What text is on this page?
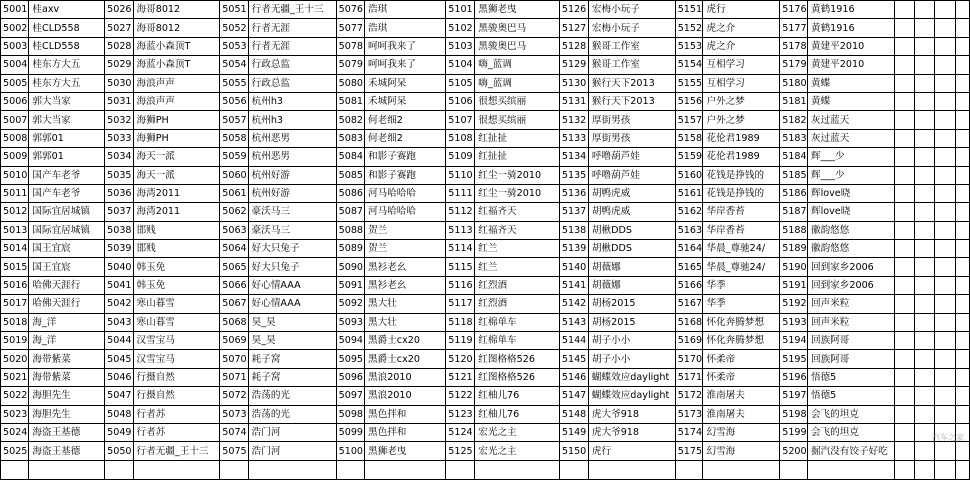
5001	桂axv	5026	海哥8012	5051	行者无疆_王十三	5076	浩琪	5101	黑狮老曳	5126	宏梅小玩子	5151	虎行	5176	黄鹤1916				
5002	桂CLD558	5027	海哥8012	5052	行者无涯	5077	浩琪	5102	黑骏奥巴马	5127	宏梅小玩子	5152	虎之介	5177	黄鹤1916				
5003	桂CLD558	5028	海蓝小森顶T	5053	行者无涯	5078	呵呵我来了	5103	黑骏奥巴马	5128	猴哥工作室	5153	虎之介	5178	黄建平2010				
5004	桂东方大五	5029	海蓝小森顶T	5054	行政总监	5079	呵呵我来了	5104	嗨_蓝调	5129	猴哥工作室	5154	互相学习	5179	黄建平2010				
5005	桂东方大五	5030	海浪声声	5055	行政总监	5080	禾城阿呆	5105	嗨_蓝调	5130	猴行天下2013	5155	互相学习	5180	黄蝶				
5006	郭大当家	5031	海浪声声	5056	杭州h3	5081	禾城阿呆	5106	很想买缤丽	5131	猴行天下2013	5156	户外之梦	5181	黄蝶				
5007	郭大当家	5032	海狮PH	5057	杭州h3	5082	何老细2	5107	很想买缤丽	5132	厚街男孩	5157	户外之梦	5182	灰过蓝天				
5008	郭郭01	5033	海狮PH	5058	杭州恶男	5083	何老细2	5108	红扯扯	5133	厚街男孩	5158	花伦君1989	5183	灰过蓝天				
5009	郭郭01	5034	海天一派	5059	杭州恶男	5084	和影子赛跑	5109	红扯扯	5134	呼噜葫芦娃	5159	花伦君1989	5184	辉___少				
5010	国产车老爷	5035	海天一派	5060	杭州好游	5085	和影子赛跑	5110	红尘一骑2010	5135	呼噜葫芦娃	5160	花钱是挣钱的	5185	辉___少				
5011	国产车老爷	5036	海湾2011	5061	杭州好游	5086	河马哈哈哈	5111	红尘一骑2010	5136	胡鸭虎威	5161	花钱是挣钱的	5186	辉love晓				
5012	国际宜居城镇	5037	海湾2011	5062	豪沃马三	5087	河马哈哈哈	5112	红福齐天	5137	胡鸭虎威	5162	华岸香苔	5187	辉love晓				
5013	国际宜居城镇	5038	邯贱	5063	豪沃马三	5088	贺兰	5113	红福齐天	5138	胡楸DDS	5163	华岸香苔	5188	徽韵悠悠				
5014	国王宜宸	5039	邯贱	5064	好大只兔子	5089	贺兰	5114	红兰	5139	胡楸DDS	5164	华晨_尊驰24/	5189	徽韵悠悠				
5015	国王宜宸	5040	韩玉免	5065	好大只兔子	5090	黑衫老幺	5115	红兰	5140	胡薇娜	5165	华晨_尊驰24/	5190	回到家乡2006				
5016	哈佛天涯行	5041	韩玉免	5066	好心情AAA	5091	黑衫老幺	5116	红烈酒	5141	胡薇娜	5166	华季	5191	回到家乡2006				
5017	哈佛天涯行	5042	寒山暮雪	5067	好心情AAA	5092	黑大壮	5117	红烈酒	5142	胡杨2015	5167	华季	5192	回声米粒				
5018	海_洋	5043	寒山暮雪	5068	昊_昊	5093	黑大壮	5118	红棉单车	5143	胡杨2015	5168	怀化奔腾梦想	5193	回声米粒				
5019	海_洋	5044	汉雪宝马	5069	昊_昊	5094	黑爵士cx20	5119	红棉单车	5144	胡子小小	5169	怀化奔腾梦想	5194	回族阿哥				
5020	海带紫菜	5045	汉雪宝马	5070	耗子窝	5095	黑爵士cx20	5120	红图格格526	5145	胡子小小	5170	怀柔帝	5195	回族阿哥				
5021	海带紫菜	5046	行摄自然	5071	耗子窝	5096	黑浪2010	5121	红图格格526	5146	蝴蝶效应daylight	5171	怀柔帝	5196	悟德5				
5022	海胆先生	5047	行摄自然	5072	浩荡的光	5097	黑浪2010	5122	红柚儿76	5147	蝴蝶效应daylight	5172	淮南屠夫	5197	悟德5				
5023	海胆先生	5048	行者苏	5073	浩荡的光	5098	黑色拌和	5123	红柚儿76	5148	虎大爷918	5173	淮南屠夫	5198	会飞的坦克				
5024	海盗王基德	5049	行者苏	5074	浩门河	5099	黑色拌和	5124	宏光之主	5149	虎大爷918	5174	幻雪海	5199	会飞的坦克				
5025	海盗王基德	5050	行者无疆_王十三	5075	浩门河	5100	黑狮老曳	5125	宏光之主	5150	虎行	5175	幻雪海	5200	掘汽没有饺子好吃				

汽车之家
